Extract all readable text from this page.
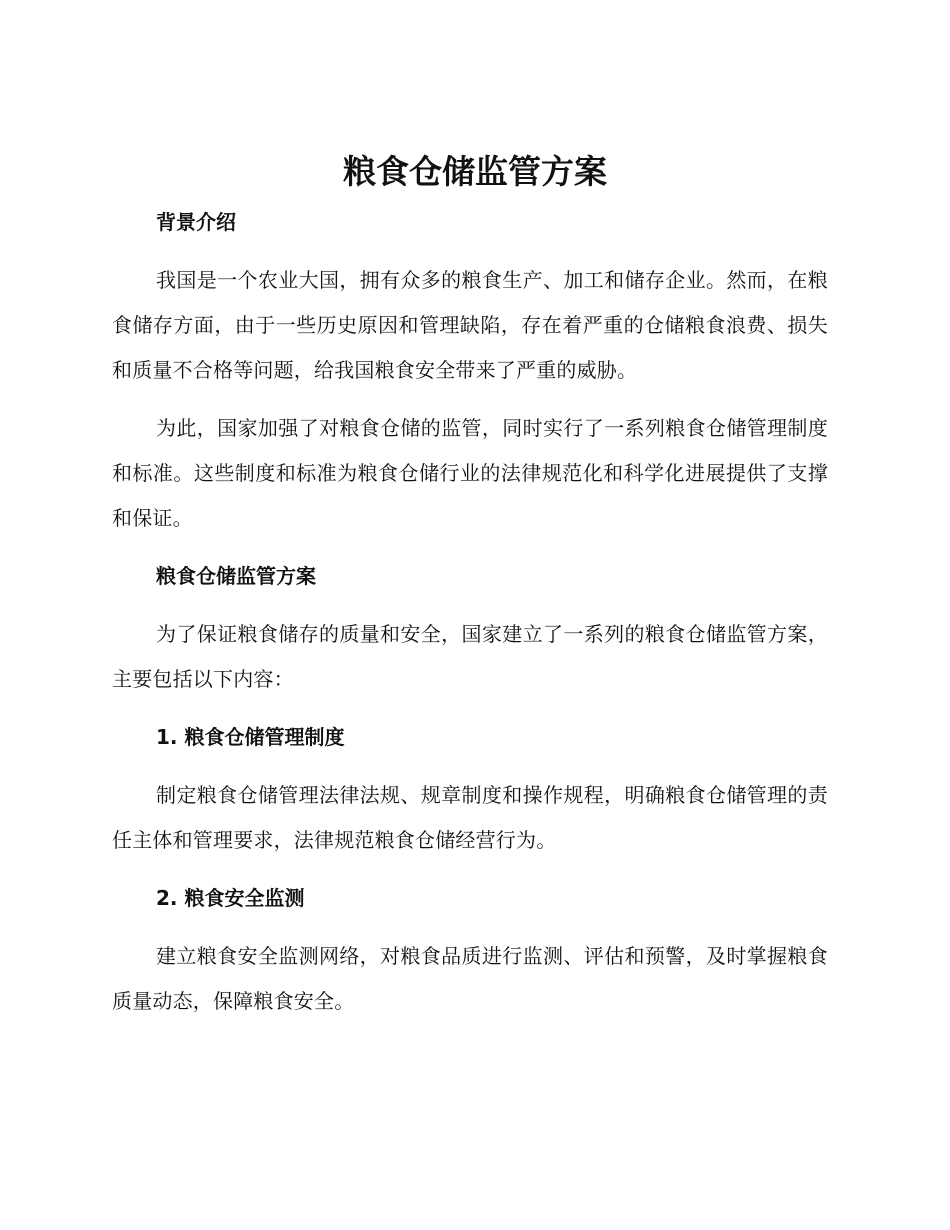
粮食仓储监管方案
背景介绍

我国是一个农业大国，拥有众多的粮食生产、加工和储存企业。然而，在粮食储存方面，由于一些历史原因和管理缺陷，存在着严重的仓储粮食浪费、损失和质量不合格等问题，给我国粮食安全带来了严重的威胁。

为此，国家加强了对粮食仓储的监管，同时实行了一系列粮食仓储管理制度和标准。这些制度和标准为粮食仓储行业的法律规范化和科学化进展提供了支撑和保证。

粮食仓储监管方案

为了保证粮食储存的质量和安全，国家建立了一系列的粮食仓储监管方案，主要包括以下内容：

1. 粮食仓储管理制度

制定粮食仓储管理法律法规、规章制度和操作规程，明确粮食仓储管理的责任主体和管理要求，法律规范粮食仓储经营行为。

2. 粮食安全监测

建立粮食安全监测网络，对粮食品质进行监测、评估和预警，及时掌握粮食质量动态，保障粮食安全。
